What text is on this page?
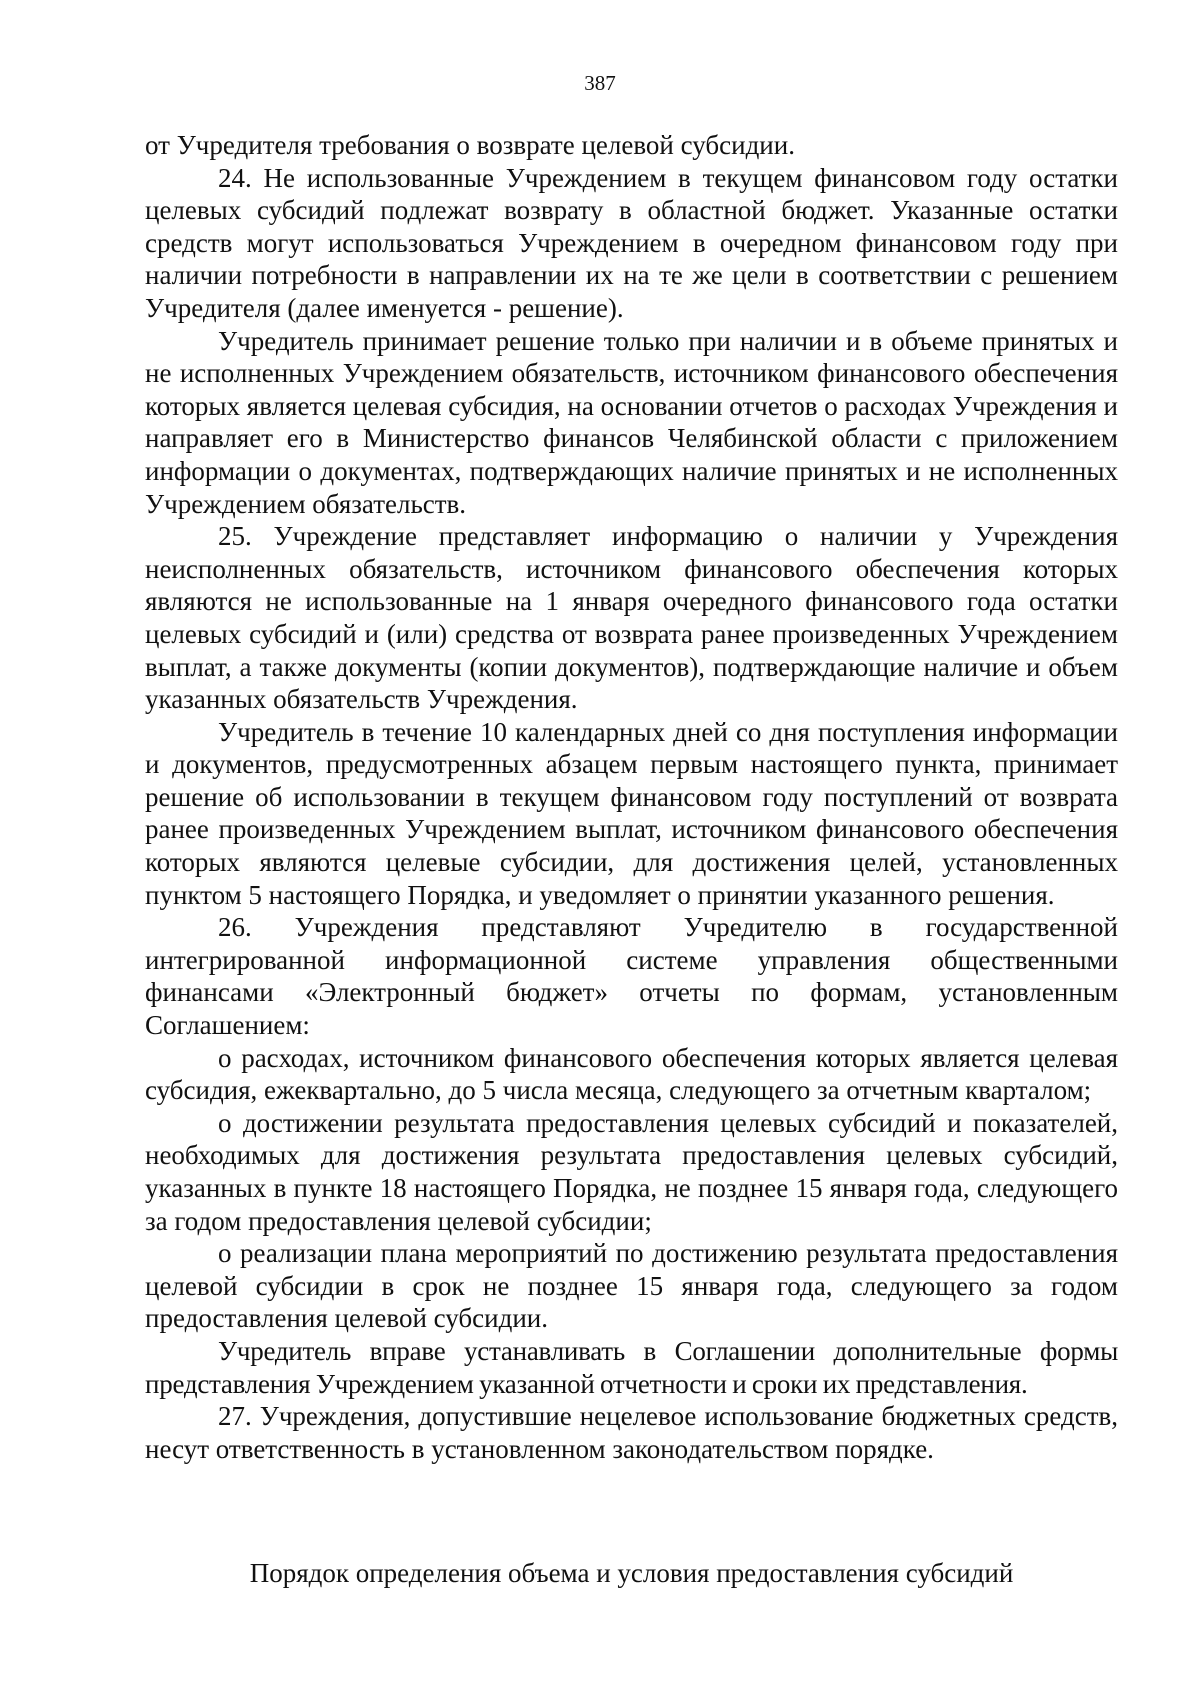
387

от Учредителя требования о возврате целевой субсидии.

24. Не использованные Учреждением в текущем финансовом году остатки целевых субсидий подлежат возврату в областной бюджет. Указанные остатки средств могут использоваться Учреждением в очередном финансовом году при наличии потребности в направлении их на те же цели в соответствии с решением Учредителя (далее именуется - решение).

Учредитель принимает решение только при наличии и в объеме принятых и не исполненных Учреждением обязательств, источником финансового обеспечения которых является целевая субсидия, на основании отчетов о расходах Учреждения и направляет его в Министерство финансов Челябинской области с приложением информации о документах, подтверждающих наличие принятых и не исполненных Учреждением обязательств.

25. Учреждение представляет информацию о наличии у Учреждения неисполненных обязательств, источником финансового обеспечения которых являются не использованные на 1 января очередного финансового года остатки целевых субсидий и (или) средства от возврата ранее произведенных Учреждением выплат, а также документы (копии документов), подтверждающие наличие и объем указанных обязательств Учреждения.

Учредитель в течение 10 календарных дней со дня поступления информации и документов, предусмотренных абзацем первым настоящего пункта, принимает решение об использовании в текущем финансовом году поступлений от возврата ранее произведенных Учреждением выплат, источником финансового обеспечения которых являются целевые субсидии, для достижения целей, установленных пунктом 5 настоящего Порядка, и уведомляет о принятии указанного решения.

26. Учреждения представляют Учредителю в государственной интегрированной информационной системе управления общественными финансами «Электронный бюджет» отчеты по формам, установленным Соглашением:

о расходах, источником финансового обеспечения которых является целевая субсидия, ежеквартально, до 5 числа месяца, следующего за отчетным кварталом;

о достижении результата предоставления целевых субсидий и показателей, необходимых для достижения результата предоставления целевых субсидий, указанных в пункте 18 настоящего Порядка, не позднее 15 января года, следующего за годом предоставления целевой субсидии;

о реализации плана мероприятий по достижению результата предоставления целевой субсидии в срок не позднее 15 января года, следующего за годом предоставления целевой субсидии.

Учредитель вправе устанавливать в Соглашении дополнительные формы представления Учреждением указанной отчетности и сроки их представления.

27. Учреждения, допустившие нецелевое использование бюджетных средств, несут ответственность в установленном законодательством порядке.

Порядок определения объема и условия предоставления субсидий
